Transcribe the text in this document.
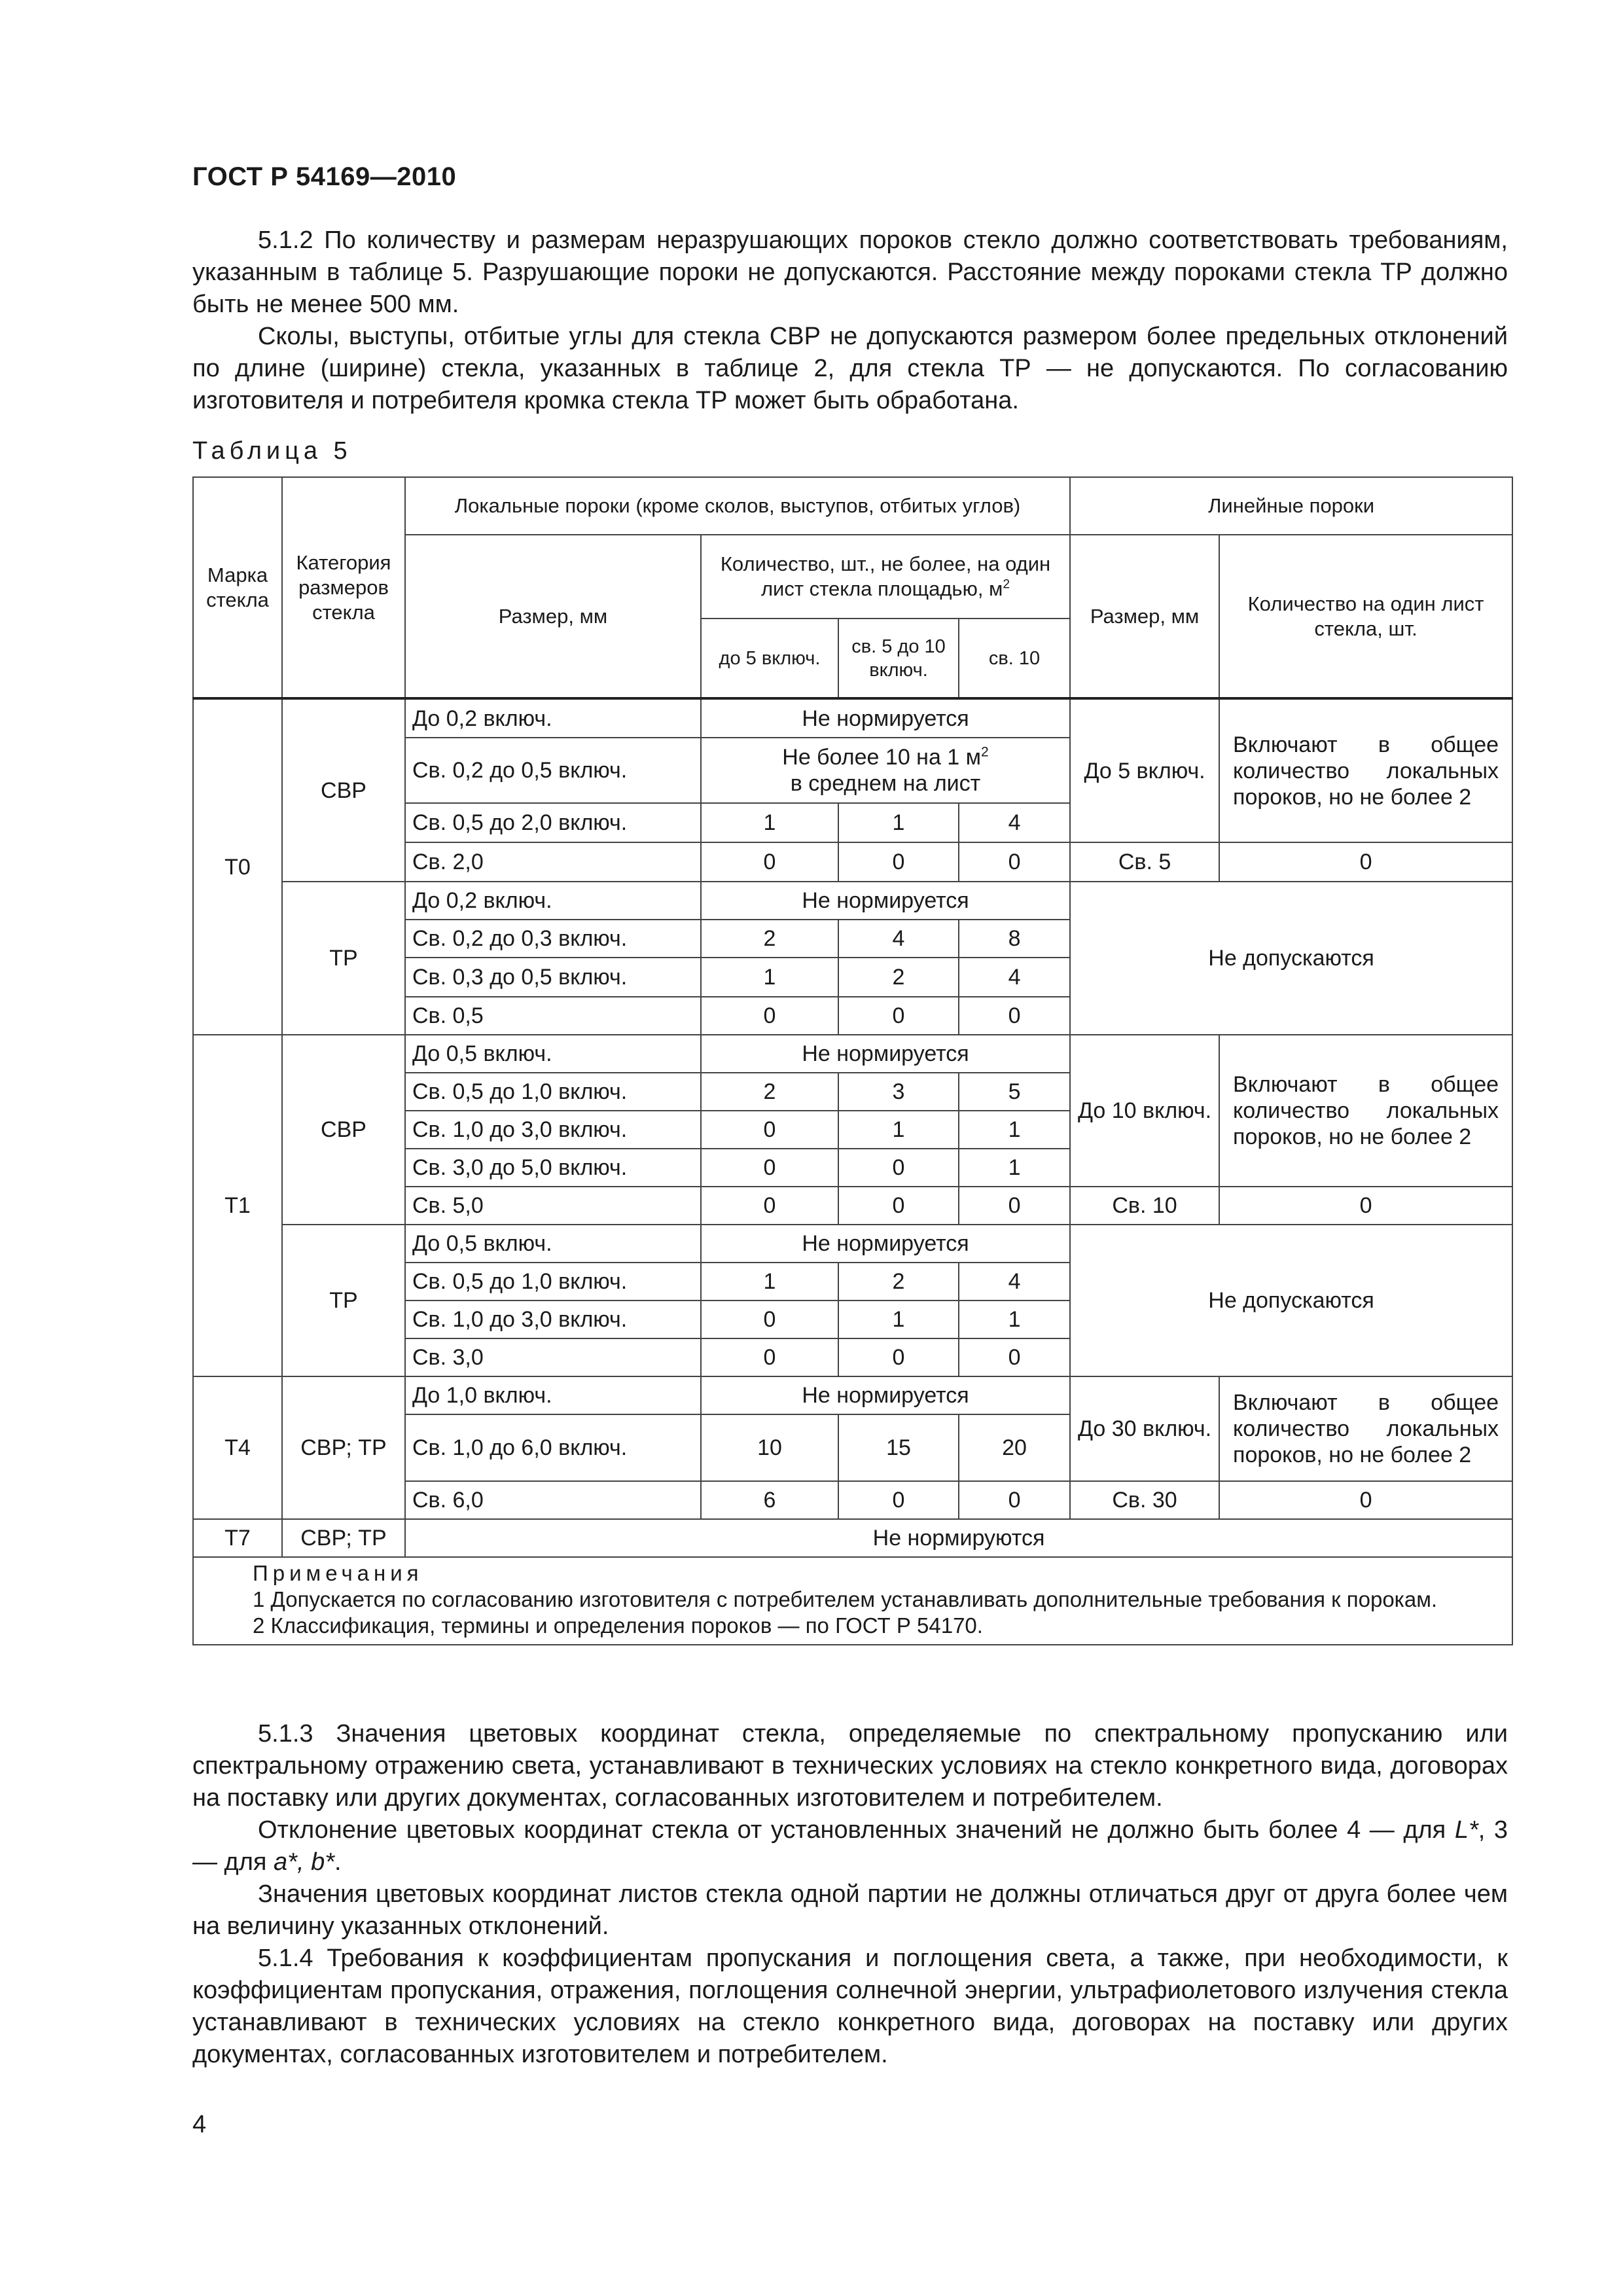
ГОСТ Р 54169—2010

5.1.2 По количеству и размерам неразрушающих пороков стекло должно соответствовать требованиям, указанным в таблице 5. Разрушающие пороки не допускаются. Расстояние между пороками стекла ТР должно быть не менее 500 мм.

Сколы, выступы, отбитые углы для стекла СВР не допускаются размером более предельных отклонений по длине (ширине) стекла, указанных в таблице 2, для стекла ТР — не допускаются. По согласованию изготовителя и потребителя кромка стекла ТР может быть обработана.

Таблица 5
Марка стекла	Категория размеров стекла	Локальные пороки (кроме сколов, выступов, отбитых углов)				Линейные пороки	
		Размер, мм	Количество, шт., не более, на один лист стекла площадью, $м^2$			Размер, мм	Количество на один лист стекла, шт.
			до 5 включ.	св. 5 до 10 включ.	св. 10		
Т0	СВР	До 0,2 включ.	Не нормируется			До 5 включ.	Включают в общее количество локальных пороков, но не более 2
		Св. 0,2 до 0,5 включ.	Не более 10 на 1 $м^2$
в среднем на лист				
		Св. 0,5 до 2,0 включ.	1	1	4		
		Св. 2,0	0	0	0	Св. 5	0
	ТР	До 0,2 включ.	Не нормируется			Не допускаются	
		Св. 0,2 до 0,3 включ.	2	4	8		
		Св. 0,3 до 0,5 включ.	1	2	4		
		Св. 0,5	0	0	0		
Т1	СВР	До 0,5 включ.	Не нормируется			До 10 включ.	Включают в общее количество локальных пороков, но не более 2
		Св. 0,5 до 1,0 включ.	2	3	5		
		Св. 1,0 до 3,0 включ.	0	1	1		
		Св. 3,0 до 5,0 включ.	0	0	1		
		Св. 5,0	0	0	0	Св. 10	0
	ТР	До 0,5 включ.	Не нормируется			Не допускаются	
		Св. 0,5 до 1,0 включ.	1	2	4		
		Св. 1,0 до 3,0 включ.	0	1	1		
		Св. 3,0	0	0	0		
Т4	СВР; ТР	До 1,0 включ.	Не нормируется			До 30 включ.	Включают в общее количество локальных пороков, но не более 2
		Св. 1,0 до 6,0 включ.	10	15	20		
		Св. 6,0	6	0	0	Св. 30	0
Т7	СВР; ТР	Не нормируются					

Примечания
1 Допускается по согласованию изготовителя с потребителем устанавливать дополнительные требования к порокам.
2 Классификация, термины и определения пороков — по ГОСТ Р 54170.							

5.1.3 Значения цветовых координат стекла, определяемые по спектральному пропусканию или спектральному отражению света, устанавливают в технических условиях на стекло конкретного вида, договорах на поставку или других документах, согласованных изготовителем и потребителем.

Отклонение цветовых координат стекла от установленных значений не должно быть более 4 — для L*, 3 — для a*, b*.

Значения цветовых координат листов стекла одной партии не должны отличаться друг от друга более чем на величину указанных отклонений.

5.1.4 Требования к коэффициентам пропускания и поглощения света, а также, при необходимости, к коэффициентам пропускания, отражения, поглощения солнечной энергии, ультрафиолетового излучения стекла устанавливают в технических условиях на стекло конкретного вида, договорах на поставку или других документах, согласованных изготовителем и потребителем.

4
